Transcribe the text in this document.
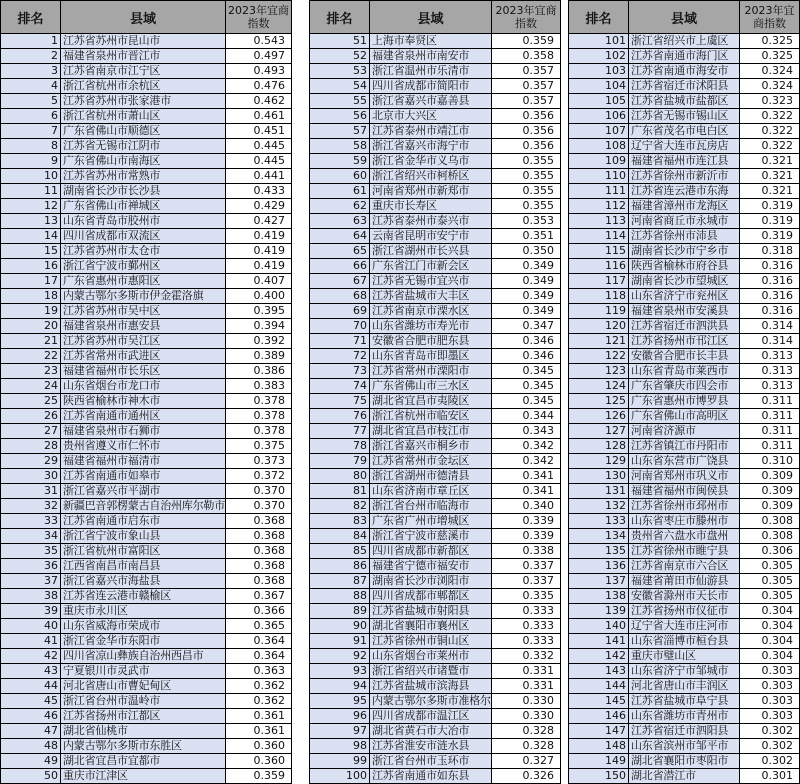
排名	县域	2023年宜商指数
1	江苏省苏州市昆山市	0.543
2	福建省泉州市晋江市	0.497
3	江苏省南京市江宁区	0.493
4	浙江省杭州市余杭区	0.476
5	江苏省苏州市张家港市	0.462
6	浙江省杭州市萧山区	0.461
7	广东省佛山市顺德区	0.451
8	江苏省无锡市江阴市	0.445
9	广东省佛山市南海区	0.445
10	江苏省苏州市常熟市	0.441
11	湖南省长沙市长沙县	0.433
12	广东省佛山市禅城区	0.429
13	山东省青岛市胶州市	0.427
14	四川省成都市双流区	0.419
15	江苏省苏州市太仓市	0.419
16	浙江省宁波市鄞州区	0.419
17	广东省惠州市惠阳区	0.407
18	内蒙古鄂尔多斯市伊金霍洛旗	0.400
19	江苏省苏州市吴中区	0.395
20	福建省泉州市惠安县	0.394
21	江苏省苏州市吴江区	0.392
22	江苏省常州市武进区	0.389
23	福建省福州市长乐区	0.386
24	山东省烟台市龙口市	0.383
25	陕西省榆林市神木市	0.378
26	江苏省南通市通州区	0.378
27	福建省泉州市石狮市	0.378
28	贵州省遵义市仁怀市	0.375
29	福建省福州市福清市	0.373
30	江苏省南通市如皋市	0.372
31	浙江省嘉兴市平湖市	0.370
32	新疆巴音郭楞蒙古自治州库尔勒市	0.370
33	江苏省南通市启东市	0.368
34	浙江省宁波市象山县	0.368
35	浙江省杭州市富阳区	0.368
36	江西省南昌市南昌县	0.368
37	浙江省嘉兴市海盐县	0.368
38	江苏省连云港市赣榆区	0.367
39	重庆市永川区	0.366
40	山东省威海市荣成市	0.365
41	浙江省金华市东阳市	0.364
42	四川省凉山彝族自治州西昌市	0.364
43	宁夏银川市灵武市	0.363
44	河北省唐山市曹妃甸区	0.362
45	浙江省台州市温岭市	0.362
46	江苏省扬州市江都区	0.361
47	湖北省仙桃市	0.361
48	内蒙古鄂尔多斯市东胜区	0.360
49	湖北省宜昌市宜都市	0.360
50	重庆市江津区	0.359
排名	县域	2023年宜商指数
51	上海市奉贤区	0.359
52	福建省泉州市南安市	0.358
53	浙江省温州市乐清市	0.357
54	四川省成都市简阳市	0.357
55	浙江省嘉兴市嘉善县	0.357
56	北京市大兴区	0.356
57	江苏省泰州市靖江市	0.356
58	浙江省嘉兴市海宁市	0.356
59	浙江省金华市义乌市	0.355
60	浙江省绍兴市柯桥区	0.355
61	河南省郑州市新郑市	0.355
62	重庆市长寿区	0.355
63	江苏省泰州市泰兴市	0.353
64	云南省昆明市安宁市	0.351
65	浙江省湖州市长兴县	0.350
66	广东省江门市新会区	0.349
67	江苏省无锡市宜兴市	0.349
68	江苏省盐城市大丰区	0.349
69	江苏省南京市溧水区	0.349
70	山东省潍坊市寿光市	0.347
71	安徽省合肥市肥东县	0.346
72	山东省青岛市即墨区	0.346
73	江苏省常州市溧阳市	0.345
74	广东省佛山市三水区	0.345
75	湖北省宜昌市夷陵区	0.345
76	浙江省杭州市临安区	0.344
77	湖北省宜昌市枝江市	0.343
78	浙江省嘉兴市桐乡市	0.342
79	江苏省常州市金坛区	0.342
80	浙江省湖州市德清县	0.341
81	山东省济南市章丘区	0.341
82	浙江省台州市临海市	0.340
83	广东省广州市增城区	0.339
84	浙江省宁波市慈溪市	0.339
85	四川省成都市新都区	0.338
86	福建省宁德市福安市	0.337
87	湖南省长沙市浏阳市	0.337
88	四川省成都市郫都区	0.335
89	江苏省盐城市射阳县	0.333
90	湖北省襄阳市襄州区	0.333
91	江苏省徐州市铜山区	0.333
92	山东省烟台市莱州市	0.332
93	浙江省绍兴市诸暨市	0.331
94	江苏省盐城市滨海县	0.331
95	内蒙古鄂尔多斯市准格尔	0.330
96	四川省成都市温江区	0.330
97	湖北省黄石市大冶市	0.328
98	江苏省淮安市涟水县	0.328
99	浙江省台州市玉环市	0.327
100	江苏省南通市如东县	0.326
排名	县域	2023年宜商指数
101	浙江省绍兴市上虞区	0.325
102	江苏省南通市海门区	0.325
103	江苏省南通市海安市	0.324
104	江苏省宿迁市沭阳县	0.324
105	江苏省盐城市盐都区	0.323
106	江苏省无锡市锡山区	0.322
107	广东省茂名市电白区	0.322
108	辽宁省大连市瓦房店	0.322
109	福建省福州市连江县	0.321
110	江苏省徐州市新沂市	0.321
111	江苏省连云港市东海	0.321
112	福建省漳州市龙海区	0.319
113	河南省商丘市永城市	0.319
114	江苏省徐州市沛县	0.319
115	湖南省长沙市宁乡市	0.318
116	陕西省榆林市府谷县	0.316
117	湖南省长沙市望城区	0.316
118	山东省济宁市兖州区	0.316
119	福建省泉州市安溪县	0.316
120	江苏省宿迁市泗洪县	0.314
121	江苏省扬州市邗江区	0.314
122	安徽省合肥市长丰县	0.313
123	山东省青岛市莱西市	0.313
124	广东省肇庆市四会市	0.313
125	广东省惠州市博罗县	0.311
126	广东省佛山市高明区	0.311
127	河南省济源市	0.311
128	江苏省镇江市丹阳市	0.311
129	山东省东营市广饶县	0.310
130	河南省郑州市巩义市	0.309
131	福建省福州市闽侯县	0.309
132	江苏省徐州市邳州市	0.309
133	山东省枣庄市滕州市	0.308
134	贵州省六盘水市盘州	0.308
135	江苏省徐州市睢宁县	0.306
136	江苏省南京市六合区	0.305
137	福建省莆田市仙游县	0.305
138	安徽省滁州市天长市	0.305
139	江苏省扬州市仪征市	0.304
140	辽宁省大连市庄河市	0.304
141	山东省淄博市桓台县	0.304
142	重庆市璧山区	0.304
143	山东省济宁市邹城市	0.303
144	河北省唐山市丰润区	0.303
145	江苏省盐城市阜宁县	0.303
146	山东省潍坊市青州市	0.303
147	江苏省宿迁市泗阳县	0.302
148	山东省滨州市邹平市	0.302
149	湖北省襄阳市枣阳市	0.302
150	湖北省潜江市	0.301
